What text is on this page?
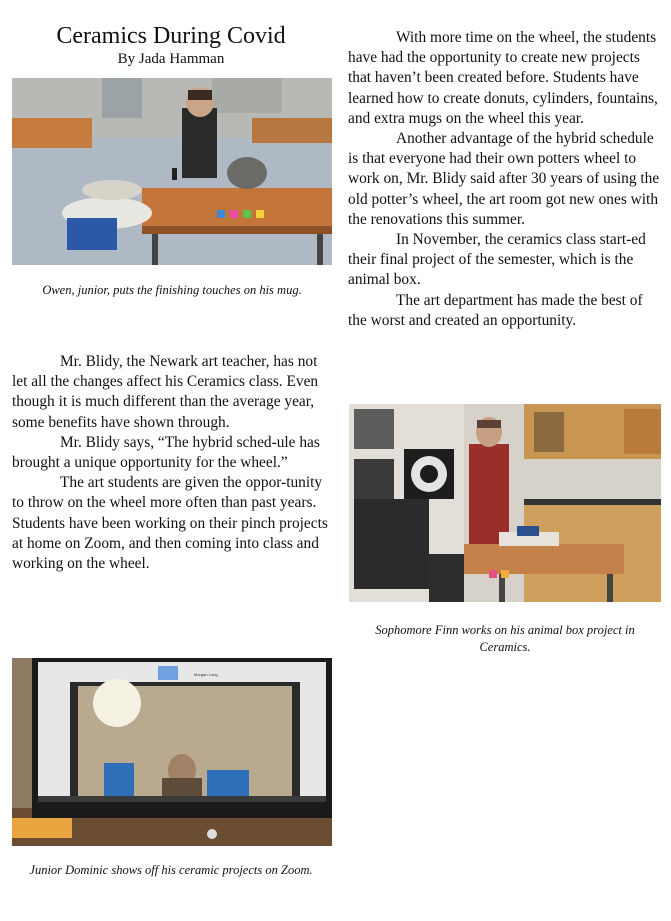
Ceramics During Covid
By Jada Hamman
Owen, junior, puts the finishing touches on his mug.

Mr. Blidy, the Newark art teacher, has not let all the changes affect his Ceramics class. Even though it is much different than the average year, some benefits have shown through.

Mr. Blidy says, “The hybrid sched-ule has brought a unique opportunity for the wheel.”

The art students are given the oppor-tunity to throw on the wheel more often than past years. Students have been working on their pinch projects at home on Zoom, and then coming into class and working on the wheel.

Morgan Long
Junior Dominic shows off his ceramic projects on Zoom.

With more time on the wheel, the students have had the opportunity to create new projects that haven’t been created before. Students have learned how to create donuts, cylinders, fountains, and extra mugs on the wheel this year.

Another advantage of the hybrid schedule is that everyone had their own potters wheel to work on, Mr. Blidy said after 30 years of using the old potter’s wheel, the art room got new ones with the renovations this summer.

In November, the ceramics class start-ed their final project of the semester, which is the animal box.

The art department has made the best of the worst and created an opportunity.

Sophomore Finn works on his animal box project in Ceramics.
